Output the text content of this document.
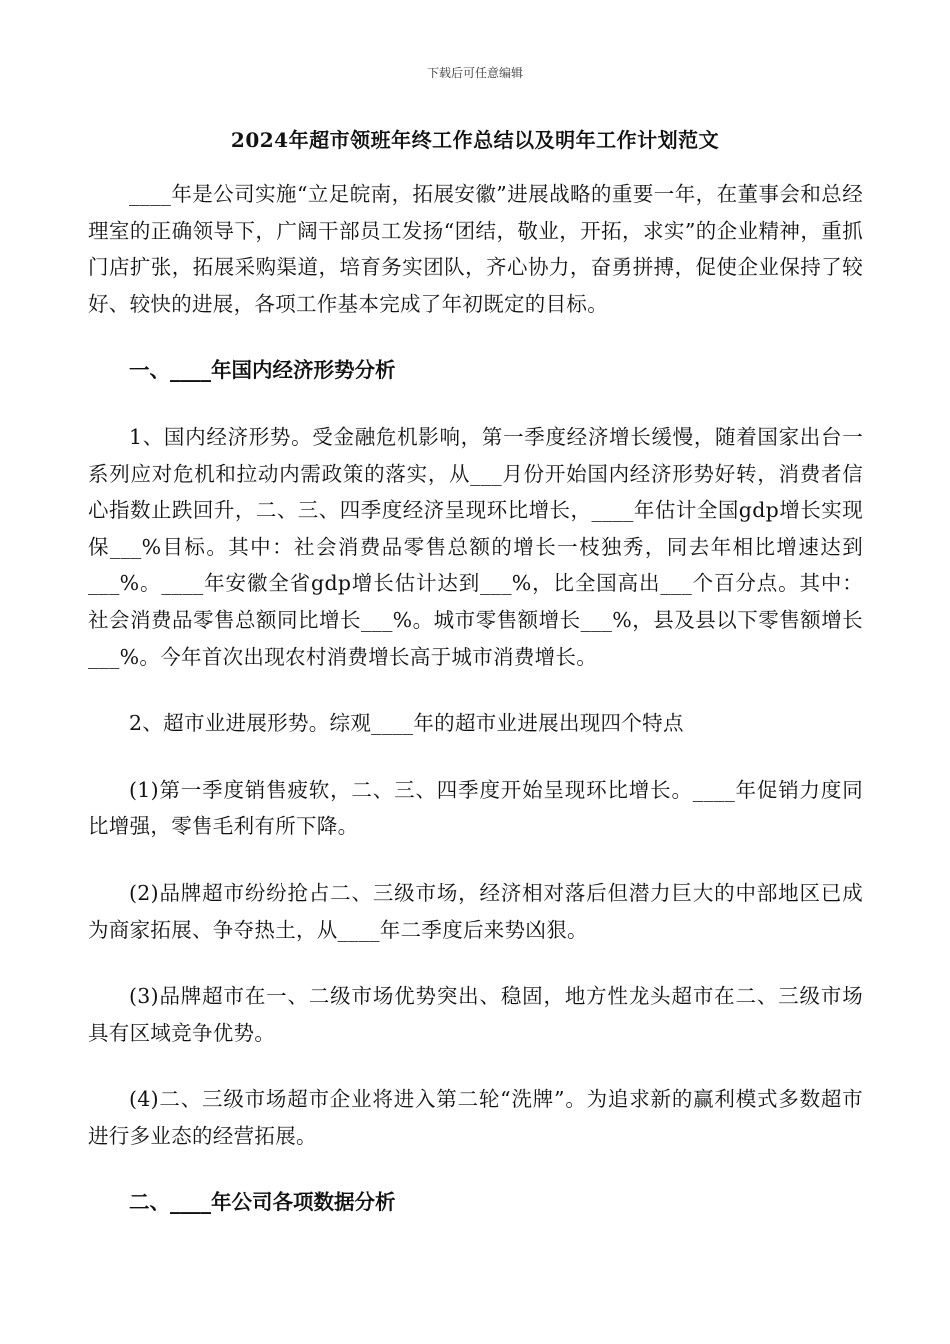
下载后可任意编辑
2024年超市领班年终工作总结以及明年工作计划范文

____年是公司实施“立足皖南，拓展安徽”进展战略的重要一年，在董事会和总经理室的正确领导下，广阔干部员工发扬“团结，敬业，开拓，求实”的企业精神，重抓门店扩张，拓展采购渠道，培育务实团队，齐心协力，奋勇拼搏，促使企业保持了较好、较快的进展，各项工作基本完成了年初既定的目标。

一、____年国内经济形势分析

1、国内经济形势。受金融危机影响，第一季度经济增长缓慢，随着国家出台一系列应对危机和拉动内需政策的落实，从___月份开始国内经济形势好转，消费者信心指数止跌回升，二、三、四季度经济呈现环比增长，____年估计全国gdp增长实现保___%目标。其中：社会消费品零售总额的增长一枝独秀，同去年相比增速达到___%。____年安徽全省gdp增长估计达到___%，比全国高出___个百分点。其中：社会消费品零售总额同比增长___%。城市零售额增长___%，县及县以下零售额增长___%。今年首次出现农村消费增长高于城市消费增长。

2、超市业进展形势。综观____年的超市业进展出现四个特点

(1)第一季度销售疲软，二、三、四季度开始呈现环比增长。____年促销力度同比增强，零售毛利有所下降。

(2)品牌超市纷纷抢占二、三级市场，经济相对落后但潜力巨大的中部地区已成为商家拓展、争夺热土，从____年二季度后来势凶狠。

(3)品牌超市在一、二级市场优势突出、稳固，地方性龙头超市在二、三级市场具有区域竞争优势。

(4)二、三级市场超市企业将进入第二轮“洗牌”。为追求新的赢利模式多数超市进行多业态的经营拓展。

二、____年公司各项数据分析
